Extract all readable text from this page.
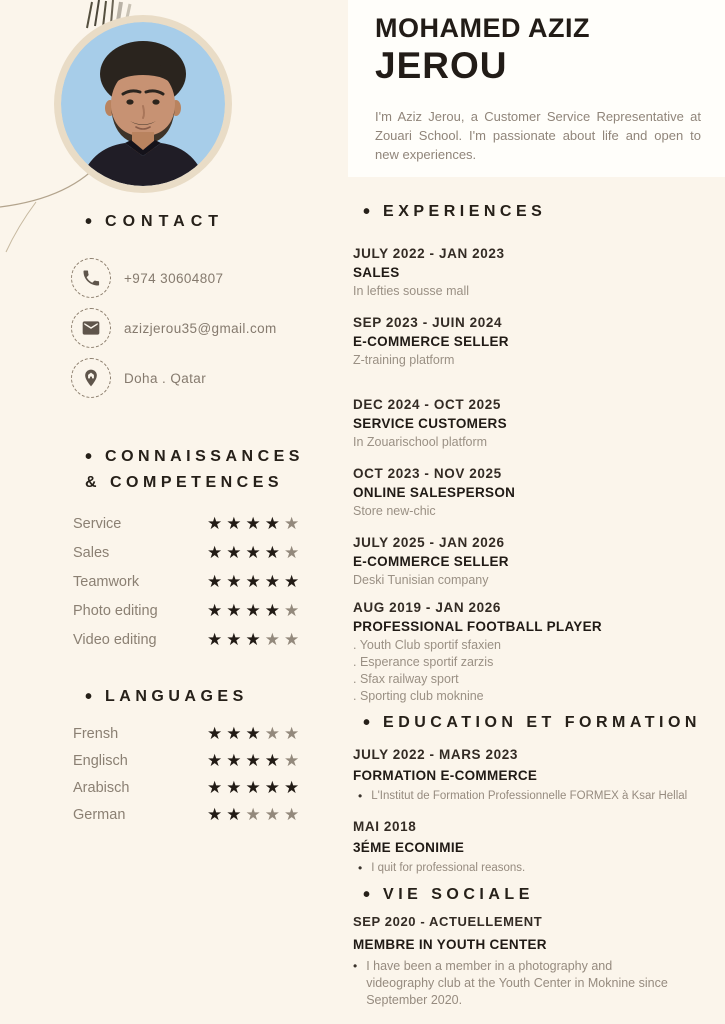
MOHAMED AZIZ
JEROU
I'm Aziz Jerou, a Customer Service Representative at Zouari School. I'm passionate about life and open to new experiences.
• CONTACT
+974 30604807
azizjerou35@gmail.com
Doha . Qatar
• CONNAISSANCES
& COMPETENCES
Service	★ ★ ★ ★ ★
Sales	★ ★ ★ ★ ★
Teamwork	★ ★ ★ ★ ★
Photo editing	★ ★ ★ ★ ★
Video editing	★ ★ ★ ★ ★
• LANGUAGES
Frensh	★ ★ ★ ★ ★
Englisch	★ ★ ★ ★ ★
Arabisch	★ ★ ★ ★ ★
German	★ ★ ★ ★ ★
• EXPERIENCES
JULY 2022 - JAN 2023
SALES
In lefties sousse mall
SEP 2023 - JUIN 2024
E-COMMERCE SELLER
Z-training platform
DEC 2024 - OCT 2025
SERVICE CUSTOMERS
In Zouarischool platform
OCT 2023 - NOV 2025
ONLINE SALESPERSON
Store new-chic
JULY 2025 - JAN 2026
E-COMMERCE SELLER
Deski Tunisian company
AUG 2019 - JAN 2026
PROFESSIONAL FOOTBALL PLAYER
. Youth Club sportif sfaxien
. Esperance sportif zarzis
. Sfax railway sport
. Sporting club moknine
• EDUCATION ET FORMATION
JULY 2022 - MARS 2023
FORMATION E-COMMERCE
• L'Institut de Formation Professionnelle FORMEX à Ksar Hellal
MAI 2018
3ÉME ECONIMIE
• I quit for professional reasons.
• VIE SOCIALE
SEP 2020 - ACTUELLEMENT
MEMBRE IN YOUTH CENTER
• I have been a member in a photography and videography club at the Youth Center in Moknine since September 2020.
